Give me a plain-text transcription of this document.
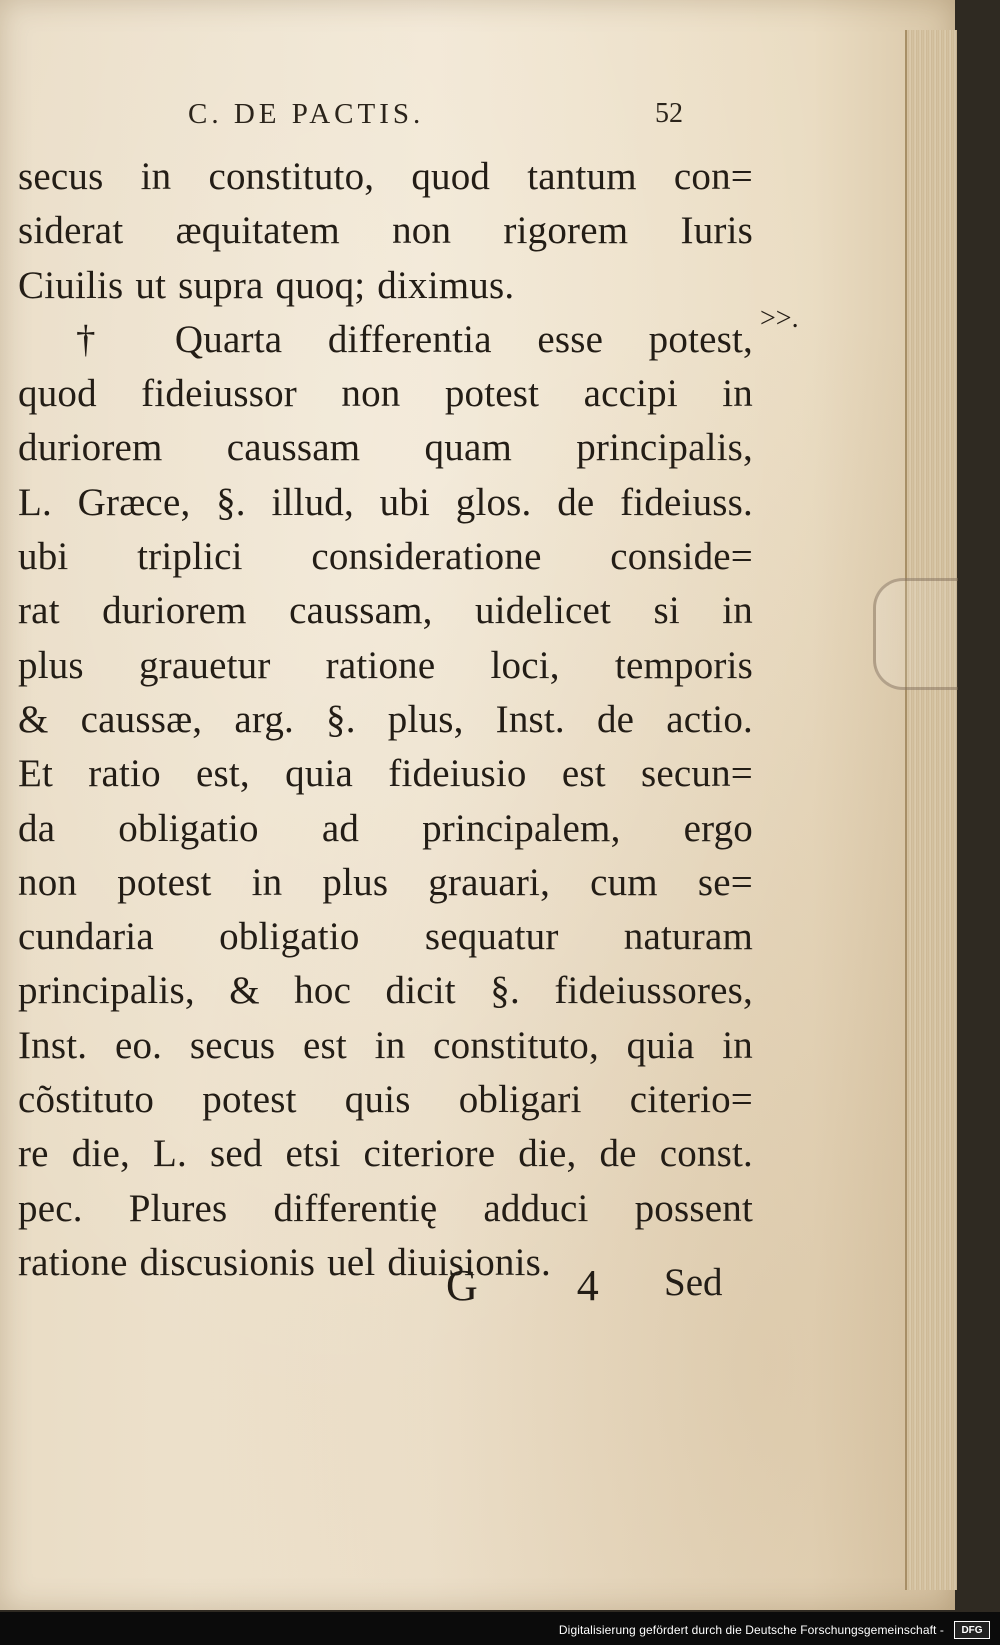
C. DE PACTIS.	52
secus in constituto, quod tantum con=
siderat æquitatem non rigorem Iuris
Ciuilis ut supra quoq; diximus.
† Quarta differentia esse potest,
quod fideiussor non potest accipi in
duriorem caussam quam principalis,
L. Græce, §. illud, ubi glos. de fideiuss.
ubi triplici consideratione conside=
rat duriorem caussam, uidelicet si in
plus grauetur ratione loci, temporis
& caussæ, arg. §. plus, Inst. de actio.
Et ratio est, quia fideiusio est secun=
da obligatio ad principalem, ergo
non potest in plus grauari, cum se=
cundaria obligatio sequatur naturam
principalis, & hoc dicit §. fideiussores,
Inst. eo. secus est in constituto, quia in
cõstituto potest quis obligari citerio=
re die, L. sed etsi citeriore die, de const.
pec. Plures differentię adduci possent
ratione discusionis uel diuisionis.
>>.
G 4 Sed
Digitalisierung gefördert durch die Deutsche Forschungsgemeinschaft -	DFG
